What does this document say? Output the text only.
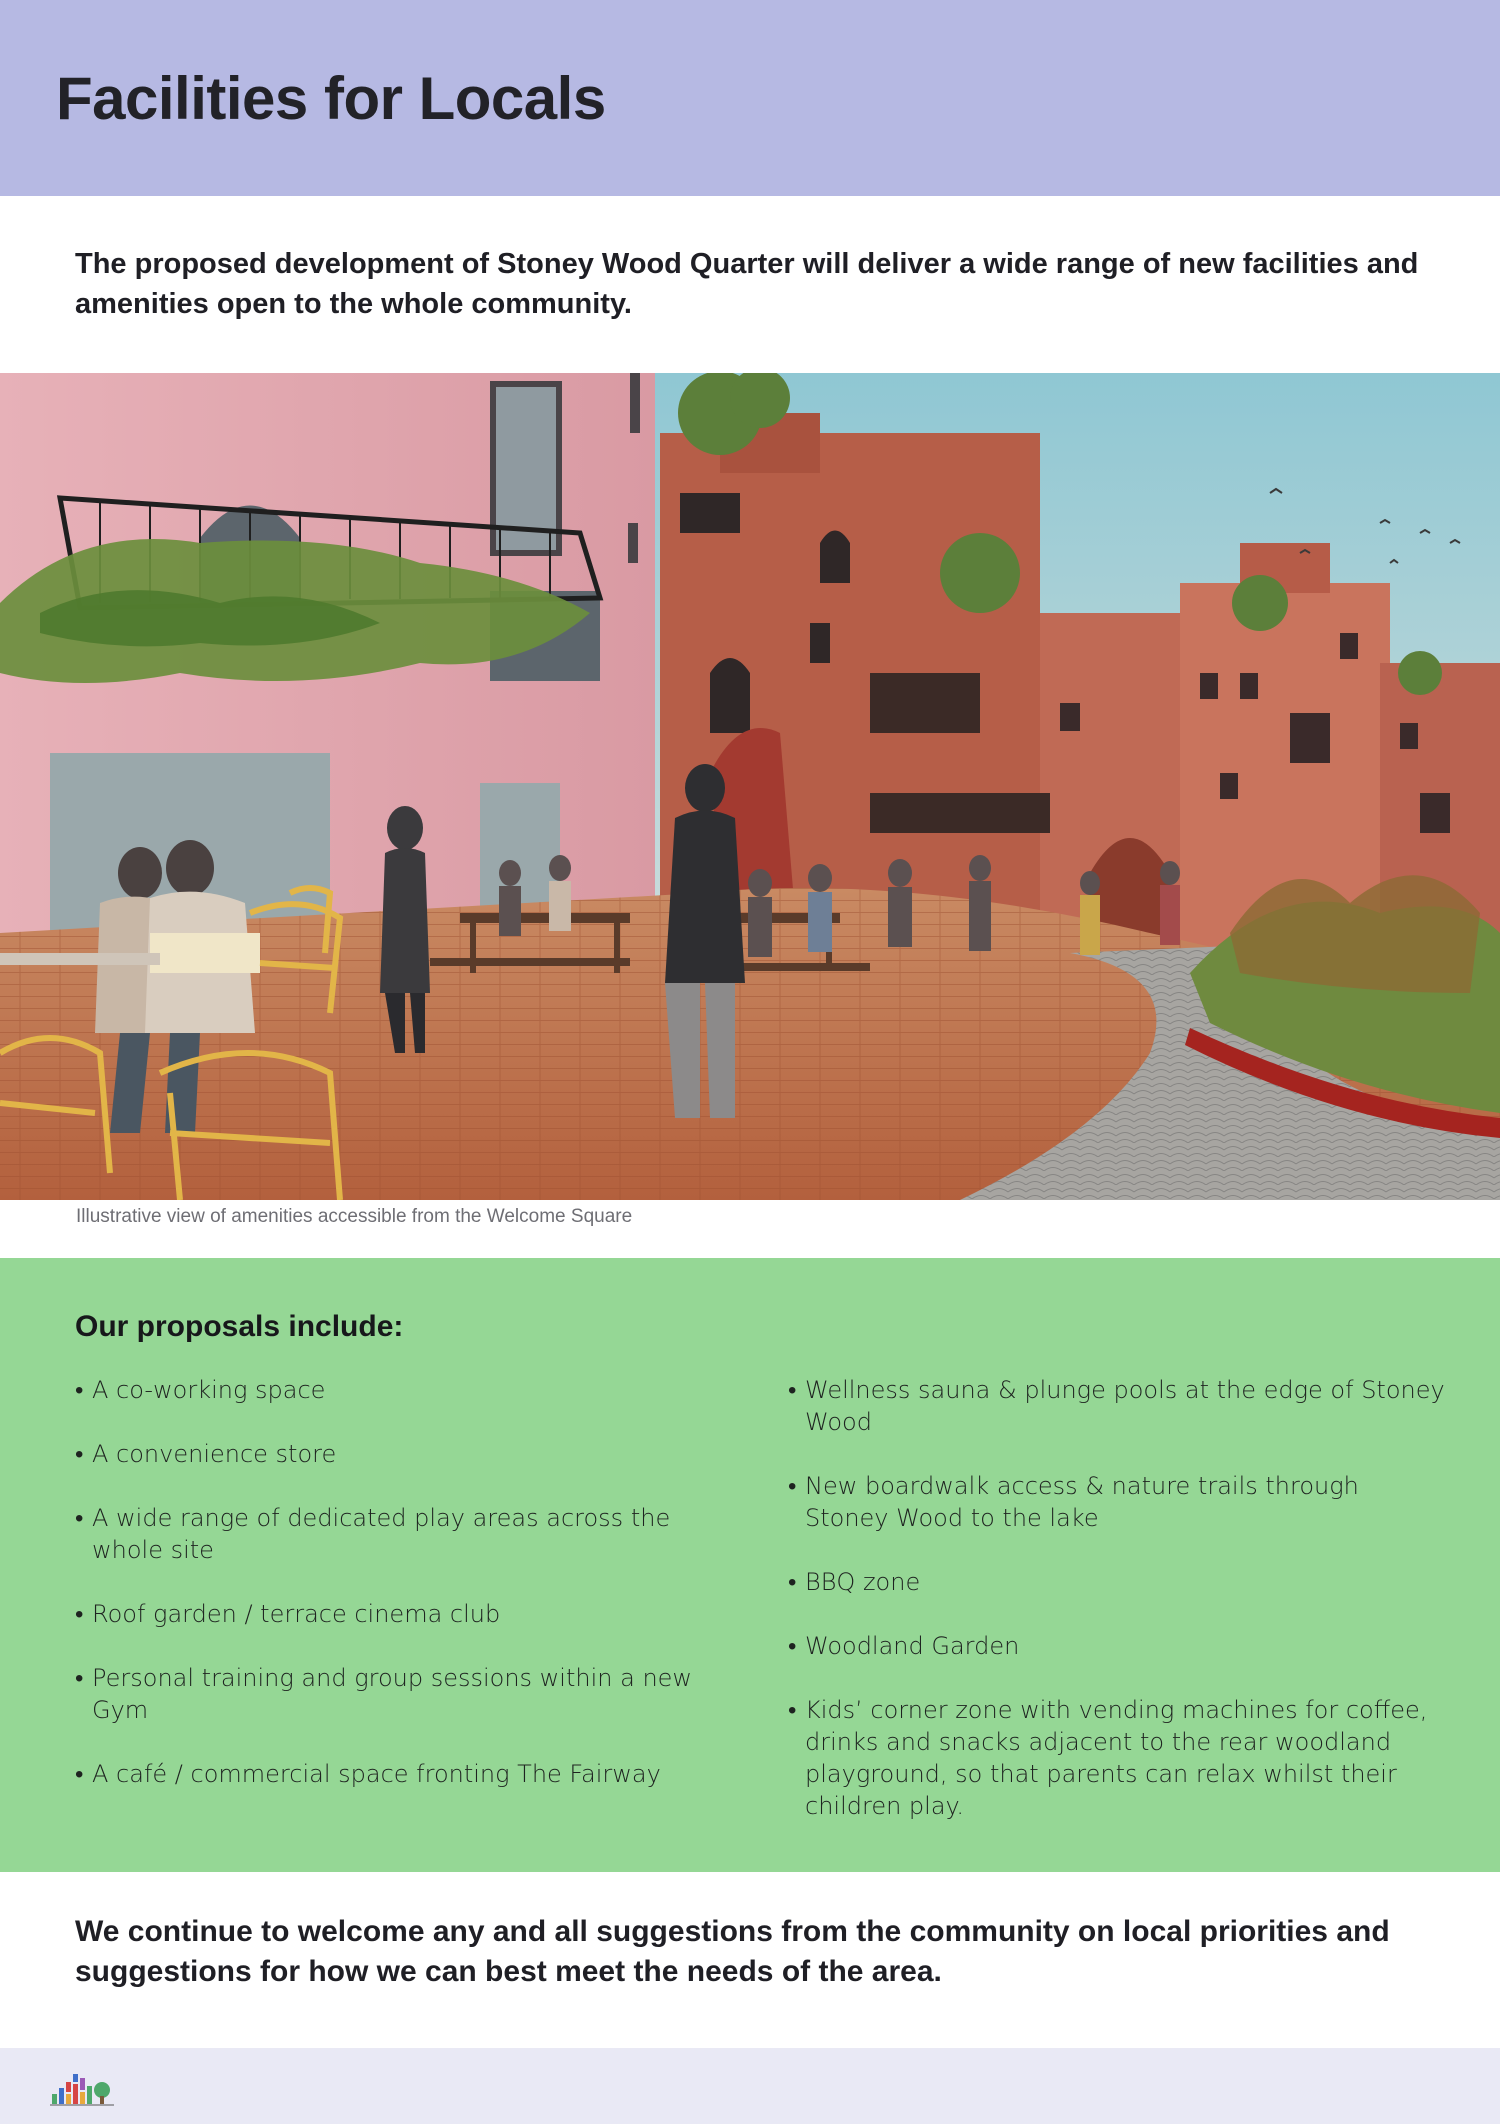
Facilities for Locals

The proposed development of Stoney Wood Quarter will deliver a wide range of new facilities and amenities open to the whole community.

Illustrative view of amenities accessible from the Welcome Square

Our proposals include:
• A co-working space
• A convenience store
• A wide range of dedicated play areas across the whole site
• Roof garden / terrace cinema club
• Personal training and group sessions within a new Gym
• A café / commercial space fronting The Fairway
• Wellness sauna & plunge pools at the edge of Stoney Wood
• New boardwalk access & nature trails through Stoney Wood to the lake
• BBQ zone
• Woodland Garden
• Kids’ corner zone with vending machines for coffee, drinks and snacks adjacent to the rear woodland playground, so that parents can relax whilst their children play.

We continue to welcome any and all suggestions from the community on local priorities and suggestions for how we can best meet the needs of the area.
